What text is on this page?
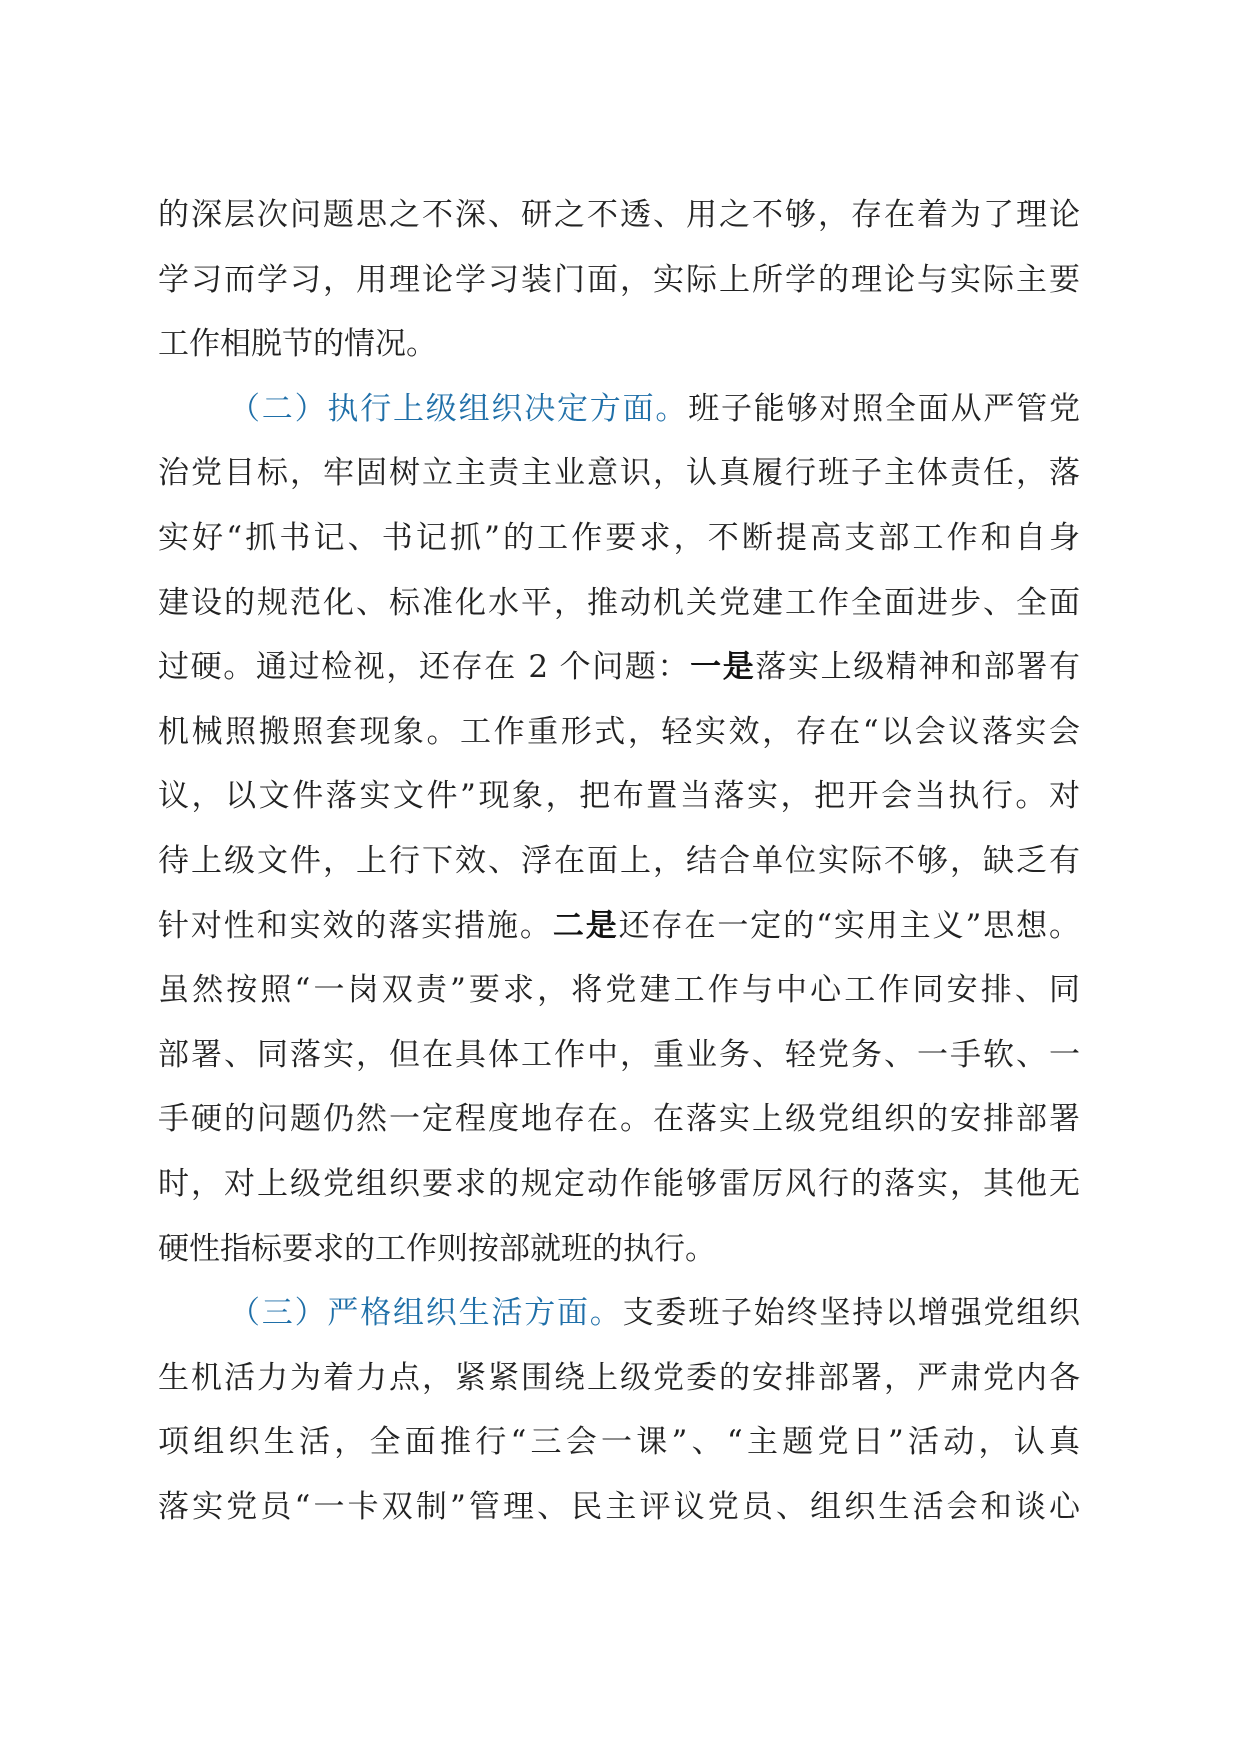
的深层次问题思之不深、研之不透、用之不够，存在着为了理论
学习而学习，用理论学习装门面，实际上所学的理论与实际主要
工作相脱节的情况。
（二）执行上级组织决定方面。班子能够对照全面从严管党
治党目标，牢固树立主责主业意识，认真履行班子主体责任，落
实好“抓书记、书记抓”的工作要求，不断提高支部工作和自身
建设的规范化、标准化水平，推动机关党建工作全面进步、全面
过硬。通过检视，还存在 2 个问题：一是落实上级精神和部署有
机械照搬照套现象。工作重形式，轻实效，存在“以会议落实会
议，以文件落实文件”现象，把布置当落实，把开会当执行。对
待上级文件，上行下效、浮在面上，结合单位实际不够，缺乏有
针对性和实效的落实措施。二是还存在一定的“实用主义”思想。
虽然按照“一岗双责”要求，将党建工作与中心工作同安排、同
部署、同落实，但在具体工作中，重业务、轻党务、一手软、一
手硬的问题仍然一定程度地存在。在落实上级党组织的安排部署
时，对上级党组织要求的规定动作能够雷厉风行的落实，其他无
硬性指标要求的工作则按部就班的执行。
（三）严格组织生活方面。支委班子始终坚持以增强党组织
生机活力为着力点，紧紧围绕上级党委的安排部署，严肃党内各
项组织生活，全面推行“三会一课”、“主题党日”活动，认真
落实党员“一卡双制”管理、民主评议党员、组织生活会和谈心
